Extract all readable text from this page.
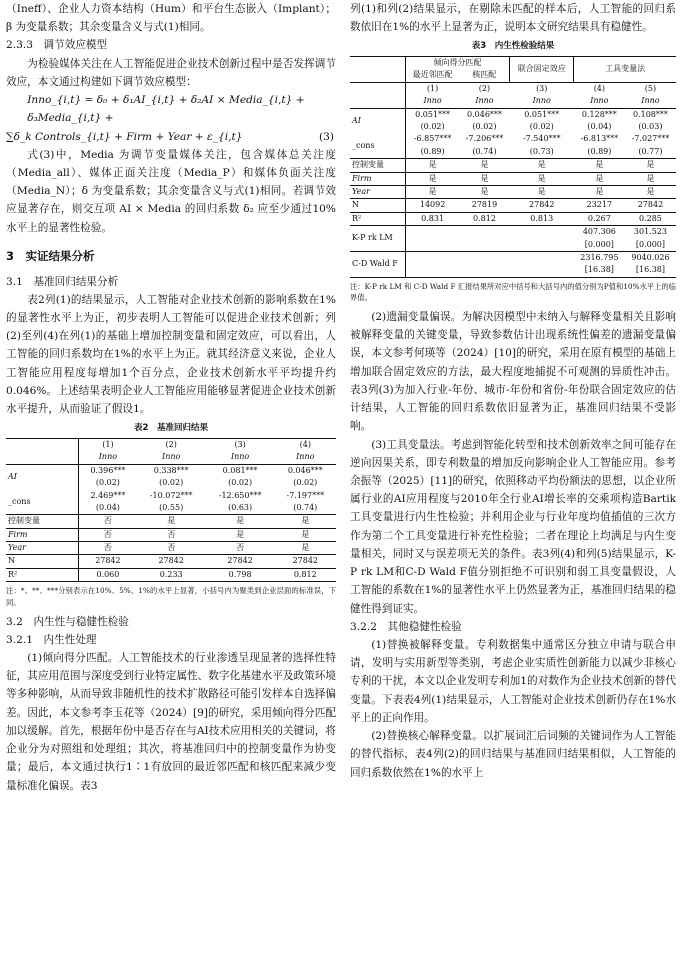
（Ineff）、企业人力资本结构（Hum）和平台生态嵌入（Implant）；β 为变量系数；其余变量含义与式(1)相同。

2.3.3　调节效应模型

为检验媒体关注在人工智能促进企业技术创新过程中是否发挥调节效应，本文通过构建如下调节效应模型：

Inno_{i,t} = δ₀ + δ₁AI_{i,t} + δ₂AI × Media_{i,t} + δ₃Media_{i,t} +
∑δ_k Controls_{i,t} + Firm + Year + ε_{i,t}	(3)

式(3)中，Media 为调节变量媒体关注，包含媒体总关注度（Media_all）、媒体正面关注度（Media_P）和媒体负面关注度（Media_N）；δ 为变量系数；其余变量含义与式(1)相同。若调节效应显著存在，则交互项 AI × Media 的回归系数 δ₂ 应至少通过10%水平上的显著性检验。

3　实证结果分析

3.1　基准回归结果分析

表2列(1)的结果显示，人工智能对企业技术创新的影响系数在1%的显著性水平上为正，初步表明人工智能可以促进企业技术创新；列(2)至列(4)在列(1)的基础上增加控制变量和固定效应，可以看出，人工智能的回归系数均在1%的水平上为正。就其经济意义来说，企业人工智能应用程度每增加1个百分点，企业技术创新水平平均提升约0.046%。上述结果表明企业人工智能应用能够显著促进企业技术创新水平提升，从而验证了假设1。

表2　基准回归结果
	(1)	(2)	(3)	(4)
	Inno	Inno	Inno	Inno
AI	0.396***	0.338***	0.081***	0.046***
	(0.02)	(0.02)	(0.02)	(0.02)
_cons	2.469***	-10.072***	-12.650***	-7.197***
	(0.04)	(0.55)	(0.63)	(0.74)
控制变量	否	是	是	是
Firm	否	否	是	是
Year	否	否	否	是
N	27842	27842	27842	27842
R²	0.060	0.233	0.798	0.812

注：*、**、***分别表示在10%、5%、1%的水平上显著，小括号内为聚类到企业层面的标准误，下同。

3.2　内生性与稳健性检验

3.2.1　内生性处理

(1)倾向得分匹配。人工智能技术的行业渗透呈现显著的选择性特征，其应用范围与深度受到行业特定属性、数字化基建水平及政策环境等多种影响，从而导致非随机性的技术扩散路径可能引发样本自选择偏差。因此，本文参考李玉花等（2024）[9]的研究，采用倾向得分匹配加以缓解。首先，根据年份中是否存在与AI技术应用相关的关键词，将企业分为对照组和处理组；其次，将基准回归中的控制变量作为协变量；最后，本文通过执行1∶1有放回的最近邻匹配和核匹配来减少变量标准化偏误。表3

列(1)和列(2)结果显示，在剔除未匹配的样本后，人工智能的回归系数依旧在1%的水平上显著为正，说明本文研究结果具有稳健性。

表3　内生性检验结果
	倾向得分匹配		联合固定效应	工具变量法	
	最近邻匹配	核匹配			
	(1)	(2)	(3)	(4)	(5)
	Inno	Inno	Inno	Inno	Inno
AI	0.051***	0.046***	0.051***	0.128***	0.108***
	(0.02)	(0.02)	(0.02)	(0.04)	(0.03)
_cons	-6.857***	-7.206***	-7.540***	-6.813***	-7.027***
	(0.89)	(0.74)	(0.73)	(0.89)	(0.77)
控制变量	是	是	是	是	是
Firm	是	是	是	是	是
Year	是	是	是	是	是
N	14092	27819	27842	23217	27842
R²	0.831	0.812	0.813	0.267	0.285
K-P rk LM				407.306	301.523
				[0.000]	[0.000]
C-D Wald F				2316.795	9040.026
				[16.38]	[16.38]

注：K-P rk LM 和 C-D Wald F 汇报结果所对应中括号和大括号内的值分别为P值和10%水平上的临界值。

(2)遗漏变量偏误。为解决因模型中未纳入与解释变量相关且影响被解释变量的关键变量，导致参数估计出现系统性偏差的遗漏变量偏误，本文参考何瑛等（2024）[10]的研究，采用在原有模型的基础上增加联合固定效应的方法，最大程度地捕捉不可观测的异质性冲击。表3列(3)为加入行业-年份、城市-年份和省份-年份联合固定效应的估计结果，人工智能的回归系数依旧显著为正，基准回归结果不受影响。

(3)工具变量法。考虑到智能化转型和技术创新效率之间可能存在逆向因果关系，即专利数量的增加反向影响企业人工智能应用。参考余振等（2025）[11]的研究，依照移动平均份额法的思想，以企业所属行业的AI应用程度与2010年全行业AI增长率的交乘项构造Bartik工具变量进行内生性检验；并利用企业与行业年度均值插值的三次方作为第二个工具变量进行补充性检验；二者在理论上均满足与内生变量相关，同时又与误差项无关的条件。表3列(4)和列(5)结果显示，K-P rk LM和C-D Wald F值分别拒绝不可识别和弱工具变量假设，人工智能的系数在1%的显著性水平上仍然显著为正，基准回归结果的稳健性得到证实。

3.2.2　其他稳健性检验

(1)替换被解释变量。专利数据集中通常区分独立申请与联合申请，发明与实用新型等类别，考虑企业实质性创新能力以减少非核心专利的干扰，本文以企业发明专利加1的对数作为企业技术创新的替代变量。下表表4列(1)结果显示，人工智能对企业技术创新仍存在1%水平上的正向作用。

(2)替换核心解释变量。以扩展词汇后词频的关键词作为人工智能的替代指标，表4列(2)的回归结果与基准回归结果相似，人工智能的回归系数依然在1%的水平上
